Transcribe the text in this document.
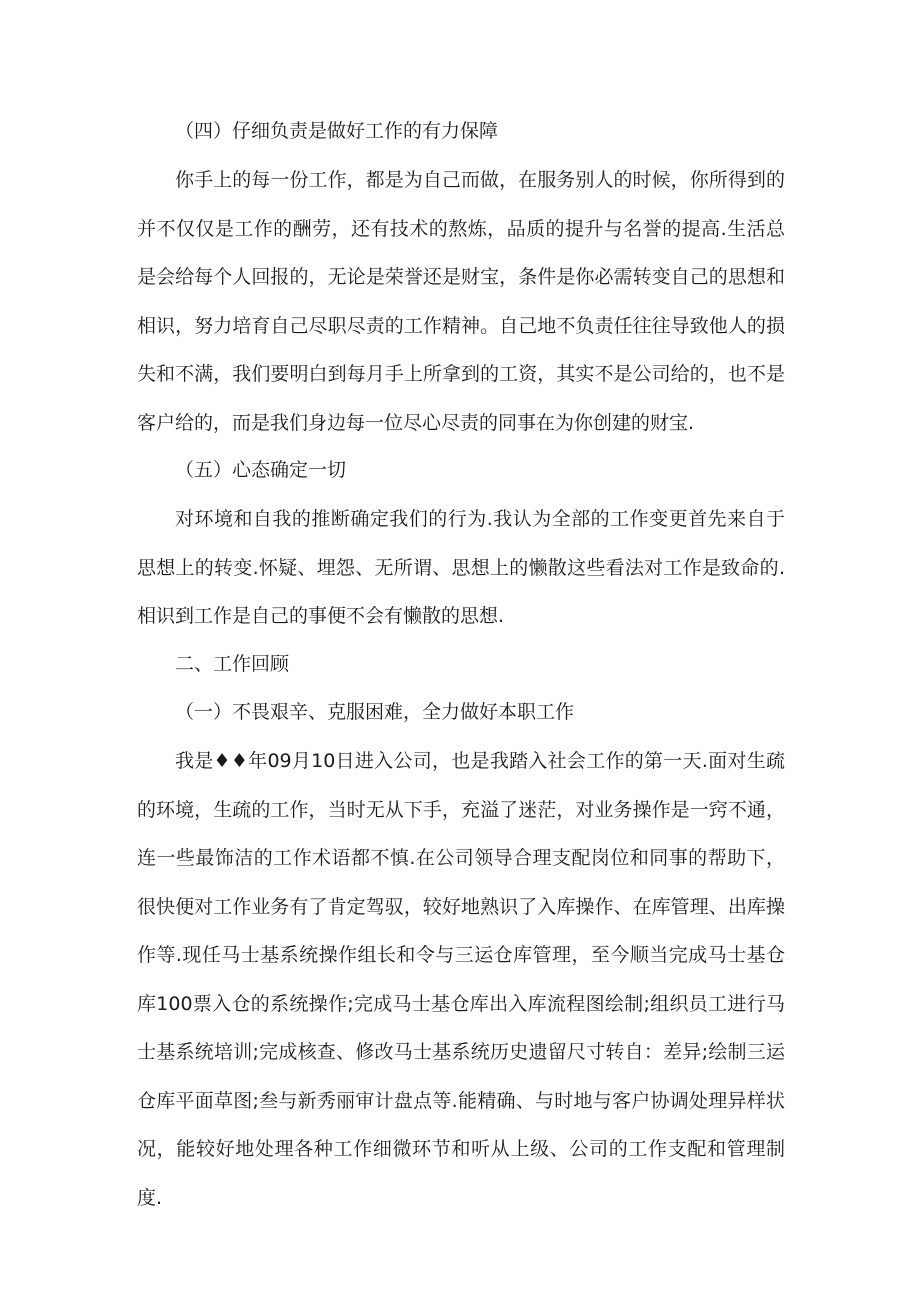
（四）仔细负责是做好工作的有力保障

你手上的每一份工作，都是为自己而做，在服务别人的时候，你所得到的并不仅仅是工作的酬劳，还有技术的熬炼，品质的提升与名誉的提高.生活总是会给每个人回报的，无论是荣誉还是财宝，条件是你必需转变自己的思想和相识，努力培育自己尽职尽责的工作精神。自己地不负责任往往导致他人的损失和不满，我们要明白到每月手上所拿到的工资，其实不是公司给的，也不是客户给的，而是我们身边每一位尽心尽责的同事在为你创建的财宝.

（五）心态确定一切

对环境和自我的推断确定我们的行为.我认为全部的工作变更首先来自于思想上的转变.怀疑、埋怨、无所谓、思想上的懒散这些看法对工作是致命的.相识到工作是自己的事便不会有懒散的思想.

二、工作回顾

（一）不畏艰辛、克服困难，全力做好本职工作

我是♦♦年09月10日进入公司，也是我踏入社会工作的第一天.面对生疏的环境，生疏的工作，当时无从下手，充溢了迷茫，对业务操作是一窍不通，连一些最饰洁的工作术语都不慎.在公司领导合理支配岗位和同事的帮助下，很快便对工作业务有了肯定驾驭，较好地熟识了入库操作、在库管理、出库操作等.现任马士基系统操作组长和令与三运仓库管理，至今顺当完成马士基仓库100票入仓的系统操作;完成马士基仓库出入库流程图绘制;组织员工进行马士基系统培训;完成核查、修改马士基系统历史遗留尺寸转自：差异;绘制三运仓库平面草图;叁与新秀丽审计盘点等.能精确、与时地与客户协调处理异样状况，能较好地处理各种工作细微环节和听从上级、公司的工作支配和管理制度.
